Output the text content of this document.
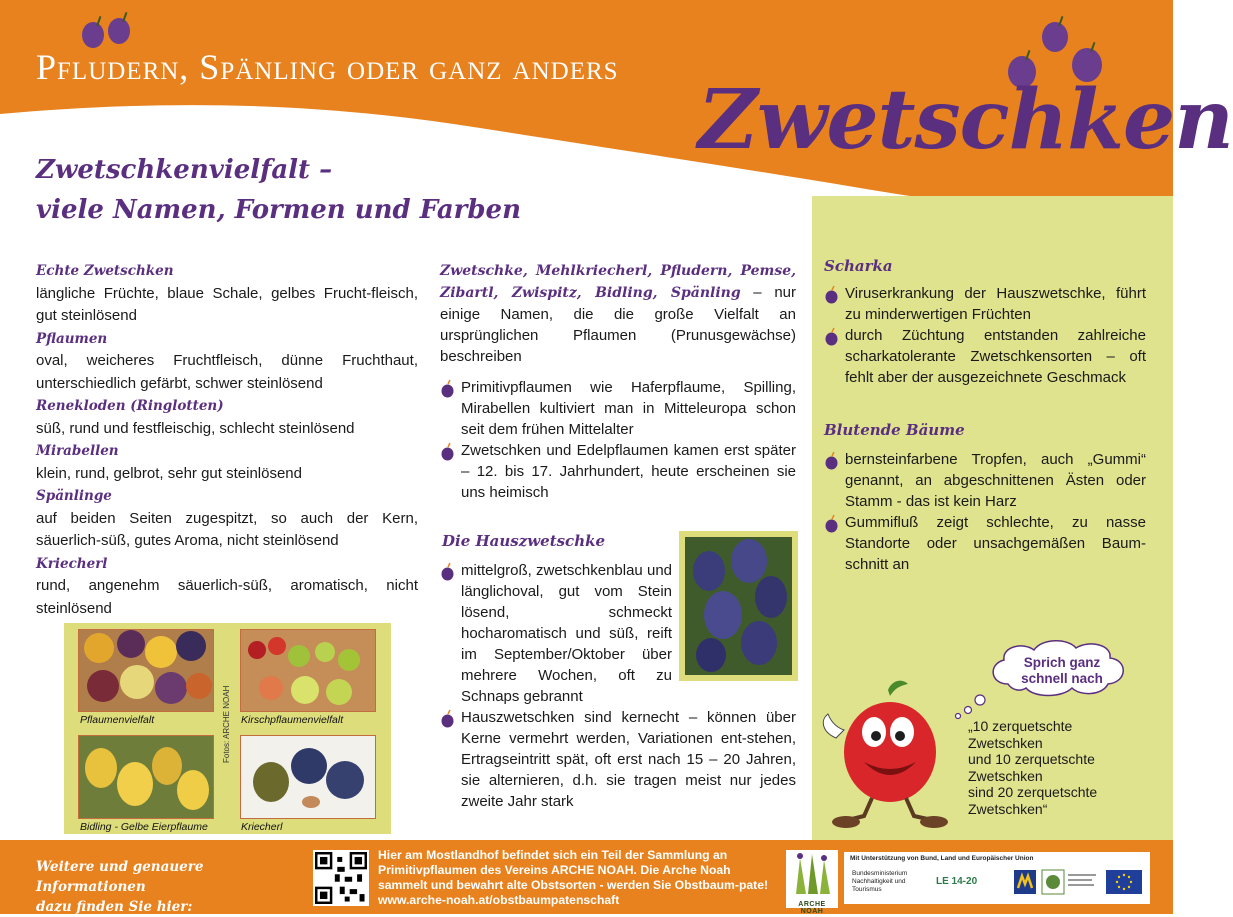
Pfludern, Spänling oder ganz anders
Zwetschken
Zwetschkenvielfalt –
viele Namen, Formen und Farben
Echte Zwetschken
längliche Früchte, blaue Schale, gelbes Frucht-fleisch, gut steinlösend
Pflaumen
oval, weicheres Fruchtfleisch, dünne Fruchthaut, unterschiedlich gefärbt, schwer steinlösend
Renekloden (Ringlotten)
süß, rund und festfleischig, schlecht steinlösend
Mirabellen
klein, rund, gelbrot, sehr gut steinlösend
Spänlinge
auf beiden Seiten zugespitzt, so auch der Kern, säuerlich-süß, gutes Aroma, nicht steinlösend
Kriecherl
rund, angenehm säuerlich-süß, aromatisch, nicht steinlösend
Pflaumenvielfalt	Kirschpflaumenvielfalt
Bidling - Gelbe Eierpflaume	Kriecherl
Fotos: ARCHE NOAH
Zwetschke, Mehlkriecherl, Pfludern, Pemse, Zibartl, Zwispitz, Bidling, Spänling – nur einige Namen, die die große Vielfalt an ursprünglichen Pflaumen (Prunusgewächse) beschreiben
Primitivpflaumen wie Haferpflaume, Spilling, Mirabellen kultiviert man in Mitteleuropa schon seit dem frühen Mittelalter
Zwetschken und Edelpflaumen kamen erst später – 12. bis 17. Jahrhundert, heute erscheinen sie uns heimisch
Die Hauszwetschke
mittelgroß, zwetschkenblau und länglichoval, gut vom Stein lösend, schmeckt hocharomatisch und süß, reift im September/Oktober über mehrere Wochen, oft zu Schnaps gebrannt
Hauszwetschken sind kernecht – können über Kerne vermehrt werden, Variationen ent-stehen, Ertragseintritt spät, oft erst nach 15 – 20 Jahren, sie alternieren, d.h. sie tragen meist nur jedes zweite Jahr stark
Scharka
Viruserkrankung der Hauszwetschke, führt zu minderwertigen Früchten
durch Züchtung entstanden zahlreiche scharkatolerante Zwetschkensorten – oft fehlt aber der ausgezeichnete Geschmack
Blutende Bäume
bernsteinfarbene Tropfen, auch „Gummi“ genannt, an abgeschnittenen Ästen oder Stamm - das ist kein Harz
Gummifluß zeigt schlechte, zu nasse Standorte oder unsachgemäßen Baum-schnitt an
Sprich ganz schnell nach
„10 zerquetschte
Zwetschken
und 10 zerquetschte
Zwetschken
sind 20 zerquetschte
Zwetschken“
Weitere und genauere Informationen
dazu finden Sie hier:
Hier am Mostlandhof befindet sich ein Teil der Sammlung an Primitivpflaumen des Vereins ARCHE NOAH. Die Arche Noah sammelt und bewahrt alte Obstsorten - werden Sie Obstbaum-pate! www.arche-noah.at/obstbaumpatenschaft	ARCHE NOAH
Mit Unterstützung von Bund, Land und Europäischer Union
Bundesministerium Nachhaltigkeit und Tourismus
LE 14-20
